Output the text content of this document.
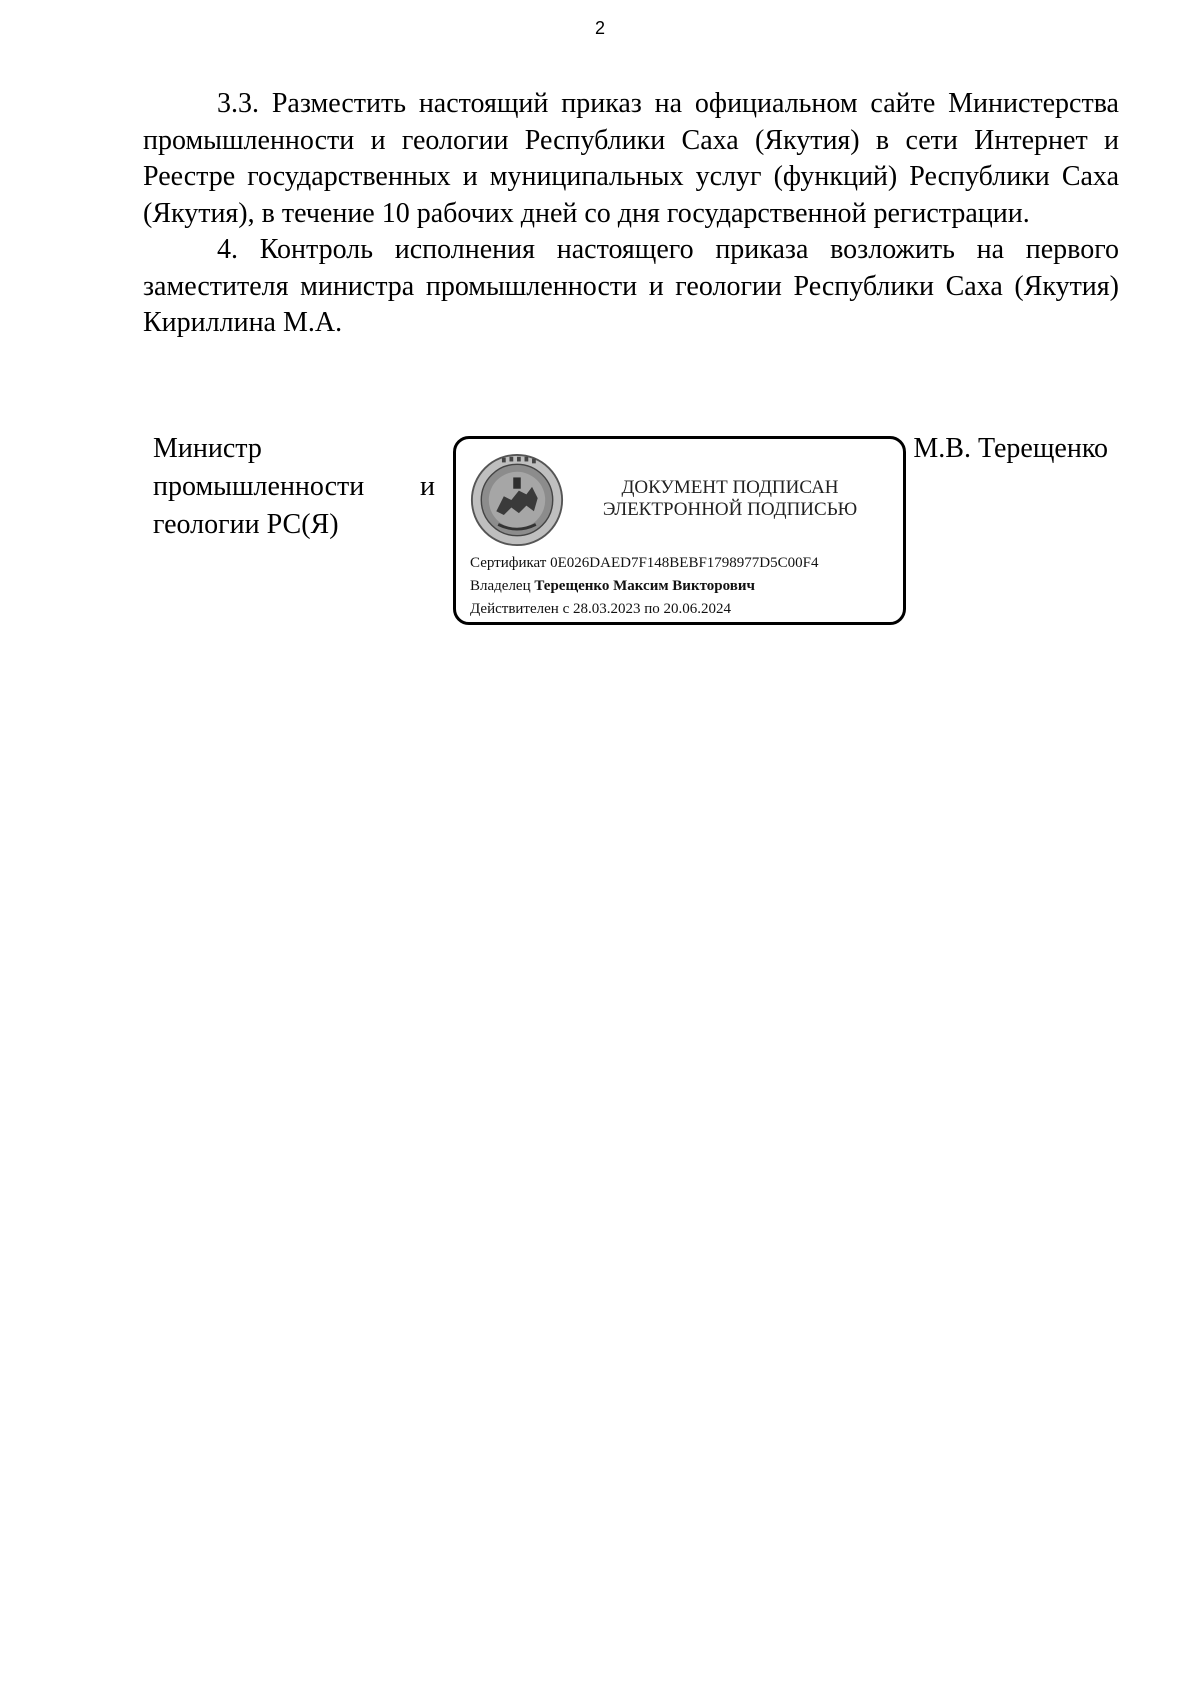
2

3.3. Разместить настоящий приказ на официальном сайте Министерства промышленности и геологии Республики Саха (Якутия) в сети Интернет и Реестре государственных и муниципальных услуг (функций) Республики Саха (Якутия), в течение 10 рабочих дней со дня государственной регистрации.

4. Контроль исполнения настоящего приказа возложить на первого заместителя министра промышленности и геологии Республики Саха (Якутия) Кириллина М.А.

Министр
промышленности и
геологии РС(Я)
М.В. Терещенко
ДОКУМЕНТ ПОДПИСАН
ЭЛЕКТРОННОЙ ПОДПИСЬЮ
Сертификат 0E026DAED7F148BEBF1798977D5C00F4
Владелец Терещенко Максим Викторович
Действителен с 28.03.2023 по 20.06.2024
